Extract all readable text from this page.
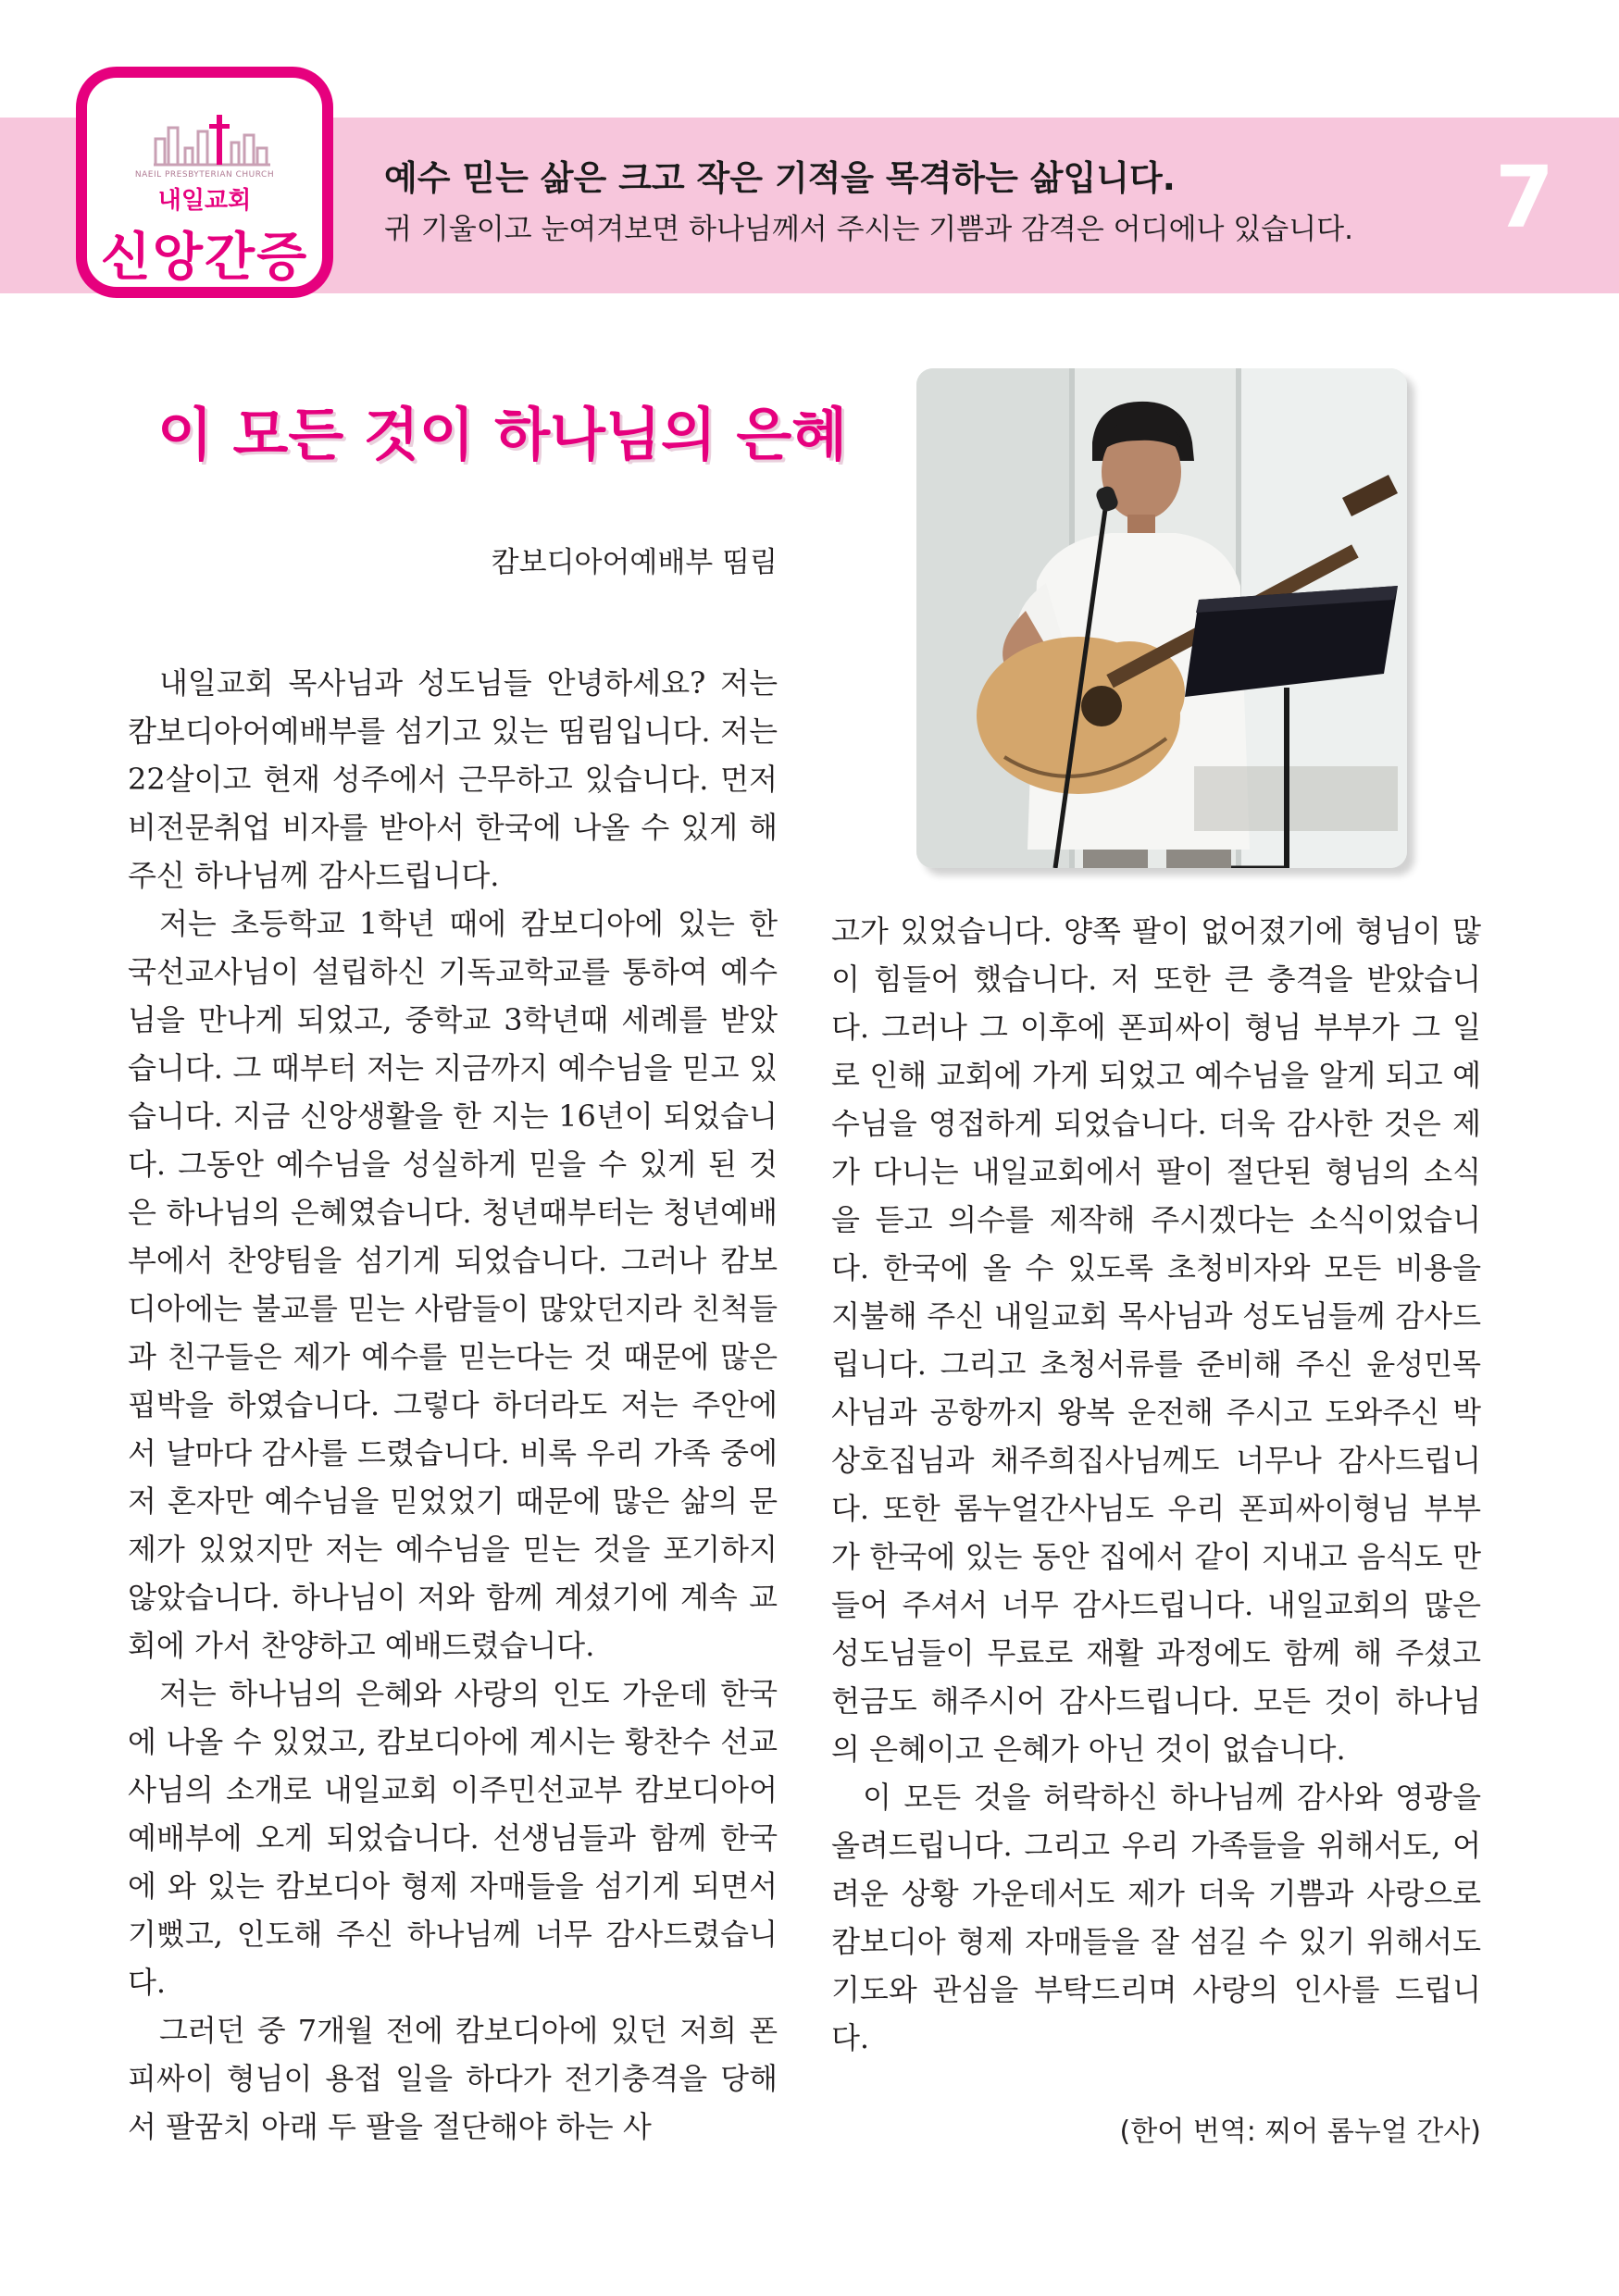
예수 믿는 삶은 크고 작은 기적을 목격하는 삶입니다.
귀 기울이고 눈여겨보면 하나님께서 주시는 기쁨과 감격은 어디에나 있습니다. 7
NAEIL PRESBYTERIAN CHURCH
내일교회
신앙간증
이 모든 것이 하나님의 은혜
캄보디아어예배부 띰림

내일교회 목사님과 성도님들 안녕하세요? 저는 캄보디아어예배부를 섬기고 있는 띰림입니다. 저는 22살이고 현재 성주에서 근무하고 있습니다. 먼저 비전문취업 비자를 받아서 한국에 나올 수 있게 해 주신 하나님께 감사드립니다.

저는 초등학교 1학년 때에 캄보디아에 있는 한국선교사님이 설립하신 기독교학교를 통하여 예수님을 만나게 되었고, 중학교 3학년때 세례를 받았습니다. 그 때부터 저는 지금까지 예수님을 믿고 있습니다. 지금 신앙생활을 한 지는 16년이 되었습니다. 그동안 예수님을 성실하게 믿을 수 있게 된 것은 하나님의 은혜였습니다. 청년때부터는 청년예배부에서 찬양팀을 섬기게 되었습니다. 그러나 캄보디아에는 불교를 믿는 사람들이 많았던지라 친척들과 친구들은 제가 예수를 믿는다는 것 때문에 많은 핍박을 하였습니다. 그렇다 하더라도 저는 주안에서 날마다 감사를 드렸습니다. 비록 우리 가족 중에 저 혼자만 예수님을 믿었었기 때문에 많은 삶의 문제가 있었지만 저는 예수님을 믿는 것을 포기하지 않았습니다. 하나님이 저와 함께 계셨기에 계속 교회에 가서 찬양하고 예배드렸습니다.

저는 하나님의 은혜와 사랑의 인도 가운데 한국에 나올 수 있었고, 캄보디아에 계시는 황찬수 선교사님의 소개로 내일교회 이주민선교부 캄보디아어예배부에 오게 되었습니다. 선생님들과 함께 한국에 와 있는 캄보디아 형제 자매들을 섬기게 되면서 기뻤고, 인도해 주신 하나님께 너무 감사드렸습니다.

그러던 중 7개월 전에 캄보디아에 있던 저희 폰피싸이 형님이 용접 일을 하다가 전기충격을 당해서 팔꿈치 아래 두 팔을 절단해야 하는 사

고가 있었습니다. 양쪽 팔이 없어졌기에 형님이 많이 힘들어 했습니다. 저 또한 큰 충격을 받았습니다. 그러나 그 이후에 폰피싸이 형님 부부가 그 일로 인해 교회에 가게 되었고 예수님을 알게 되고 예수님을 영접하게 되었습니다. 더욱 감사한 것은 제가 다니는 내일교회에서 팔이 절단된 형님의 소식을 듣고 의수를 제작해 주시겠다는 소식이었습니다. 한국에 올 수 있도록 초청비자와 모든 비용을 지불해 주신 내일교회 목사님과 성도님들께 감사드립니다. 그리고 초청서류를 준비해 주신 윤성민목사님과 공항까지 왕복 운전해 주시고 도와주신 박상호집님과 채주희집사님께도 너무나 감사드립니다. 또한 롬누얼간사님도 우리 폰피싸이형님 부부가 한국에 있는 동안 집에서 같이 지내고 음식도 만들어 주셔서 너무 감사드립니다. 내일교회의 많은 성도님들이 무료로 재활 과정에도 함께 해 주셨고 헌금도 해주시어 감사드립니다. 모든 것이 하나님의 은혜이고 은혜가 아닌 것이 없습니다.

이 모든 것을 허락하신 하나님께 감사와 영광을 올려드립니다. 그리고 우리 가족들을 위해서도, 어려운 상황 가운데서도 제가 더욱 기쁨과 사랑으로 캄보디아 형제 자매들을 잘 섬길 수 있기 위해서도 기도와 관심을 부탁드리며 사랑의 인사를 드립니다.

(한어 번역: 찌어 롬누얼 간사)
